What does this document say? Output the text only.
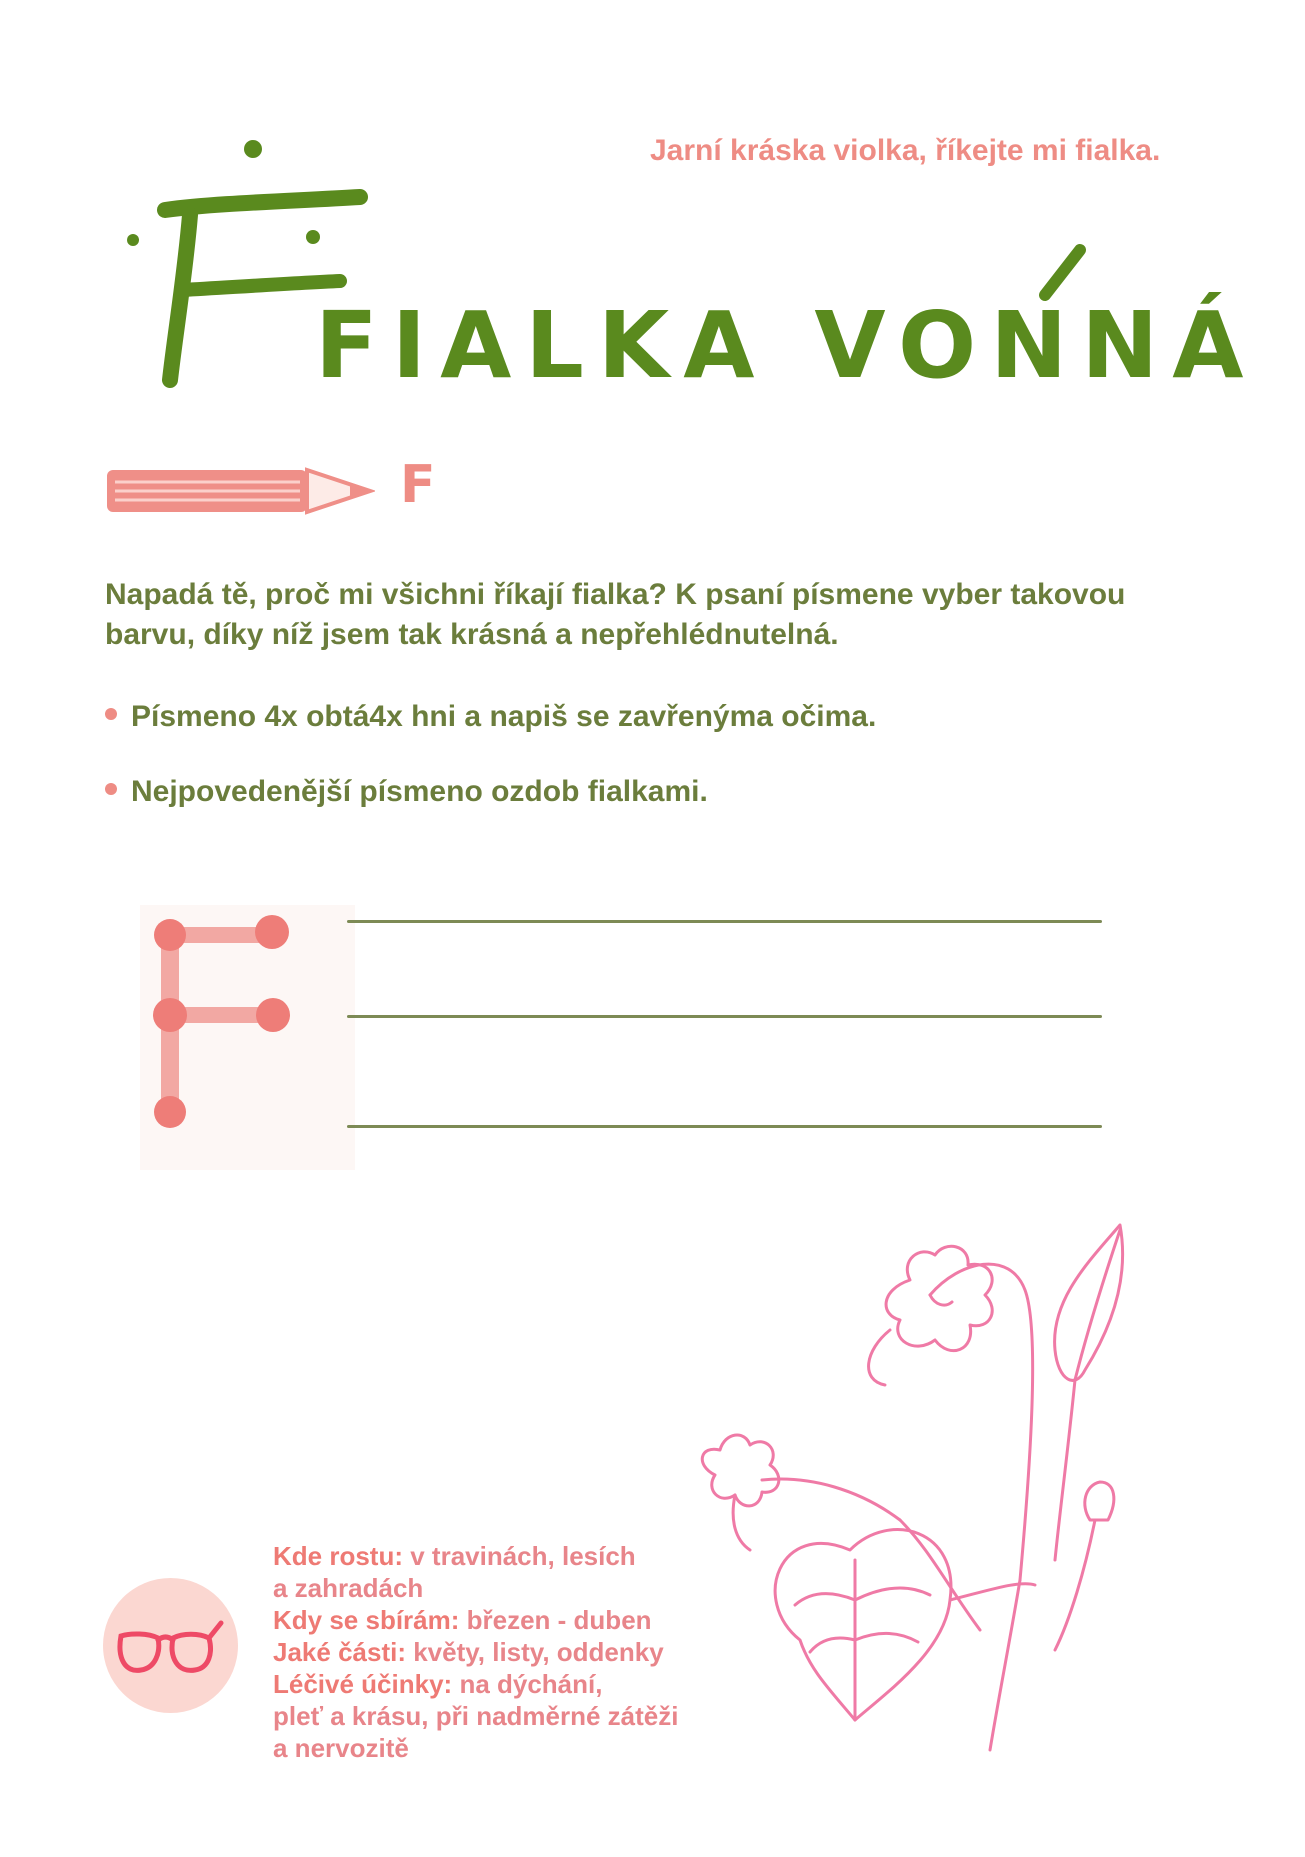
Jarní kráska violka, říkejte mi fialka.
FIALKA VONNÁ
F
Napadá tě, proč mi všichni říkají fialka? K psaní písmene vyber takovou barvu, díky níž jsem tak krásná a nepřehlédnutelná.
Písmeno 4x obtá4x hni a napiš se zavřenýma očima.
Nejpovedenější písmeno ozdob fialkami.
Kde rostu: v travinách, lesích
a zahradách
Kdy se sbírám: březen - duben
Jaké části: květy, listy, oddenky
Léčivé účinky: na dýchání,
pleť a krásu, při nadměrné zátěži
a nervozitě
